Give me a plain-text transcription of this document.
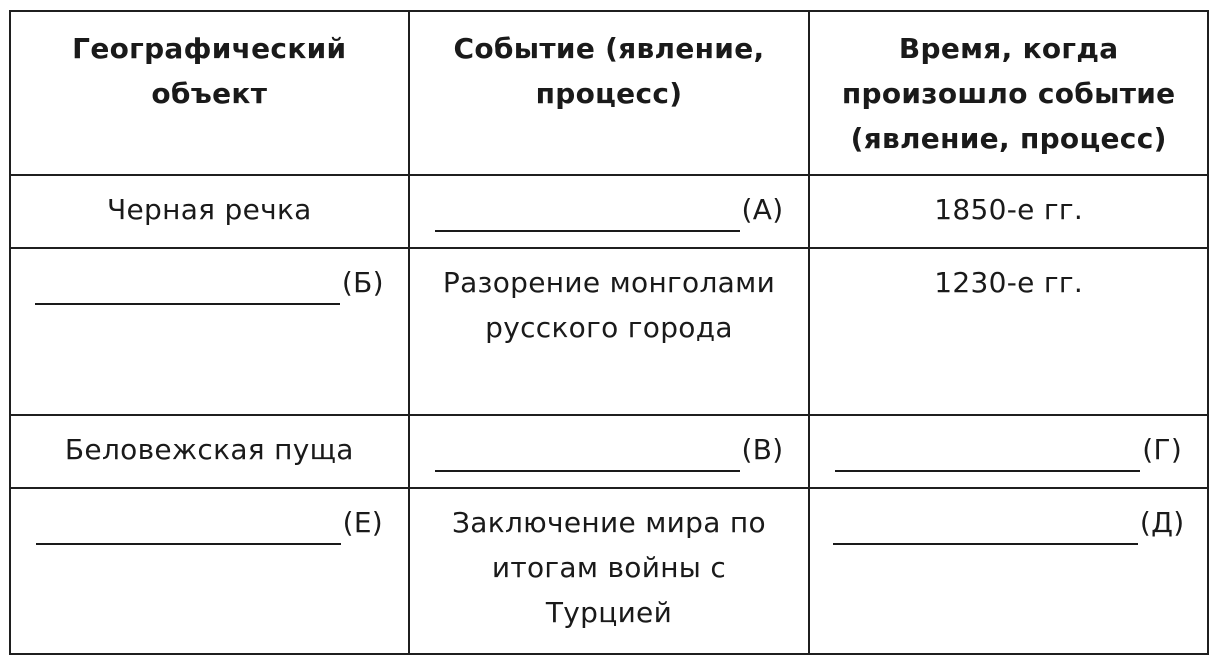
Географический объект	Событие (явление, процесс)	Время, когда произошло событие (явление, процесс)
Черная речка	(А)	1850-е гг.

(Б)	Разорение монголами русского города	1230-е гг.
Беловежская пуща	(В)	(Г)

(Е)	Заключение мира по итогам войны с Турцией	(Д)
